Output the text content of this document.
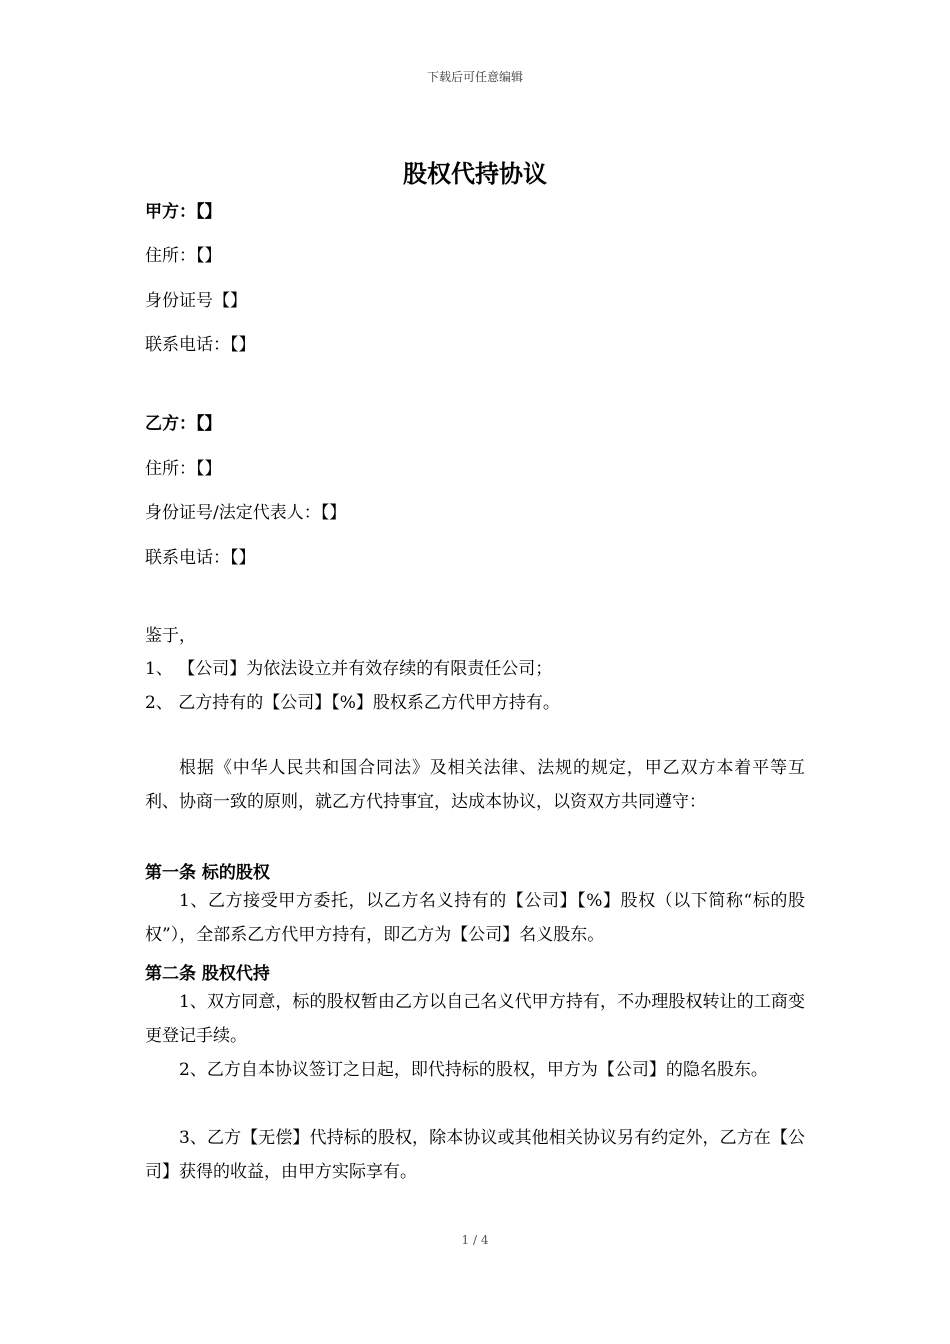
下载后可任意编辑
股权代持协议
甲方：【】
住所：【】
身份证号【】
联系电话：【】
乙方：【】
住所：【】
身份证号/法定代表人：【】
联系电话：【】
鉴于，
1、 【公司】为依法设立并有效存续的有限责任公司；
2、 乙方持有的【公司】【%】股权系乙方代甲方持有。
根据《中华人民共和国合同法》及相关法律、法规的规定，甲乙双方本着平等互利、协商一致的原则，就乙方代持事宜，达成本协议，以资双方共同遵守：
第一条 标的股权
1、乙方接受甲方委托，以乙方名义持有的【公司】【%】股权（以下简称“标的股权”），全部系乙方代甲方持有，即乙方为【公司】名义股东。
第二条 股权代持
1、双方同意，标的股权暂由乙方以自己名义代甲方持有，不办理股权转让的工商变更登记手续。
2、乙方自本协议签订之日起，即代持标的股权，甲方为【公司】的隐名股东。
3、乙方【无偿】代持标的股权，除本协议或其他相关协议另有约定外，乙方在【公司】获得的收益，由甲方实际享有。
1 / 4
